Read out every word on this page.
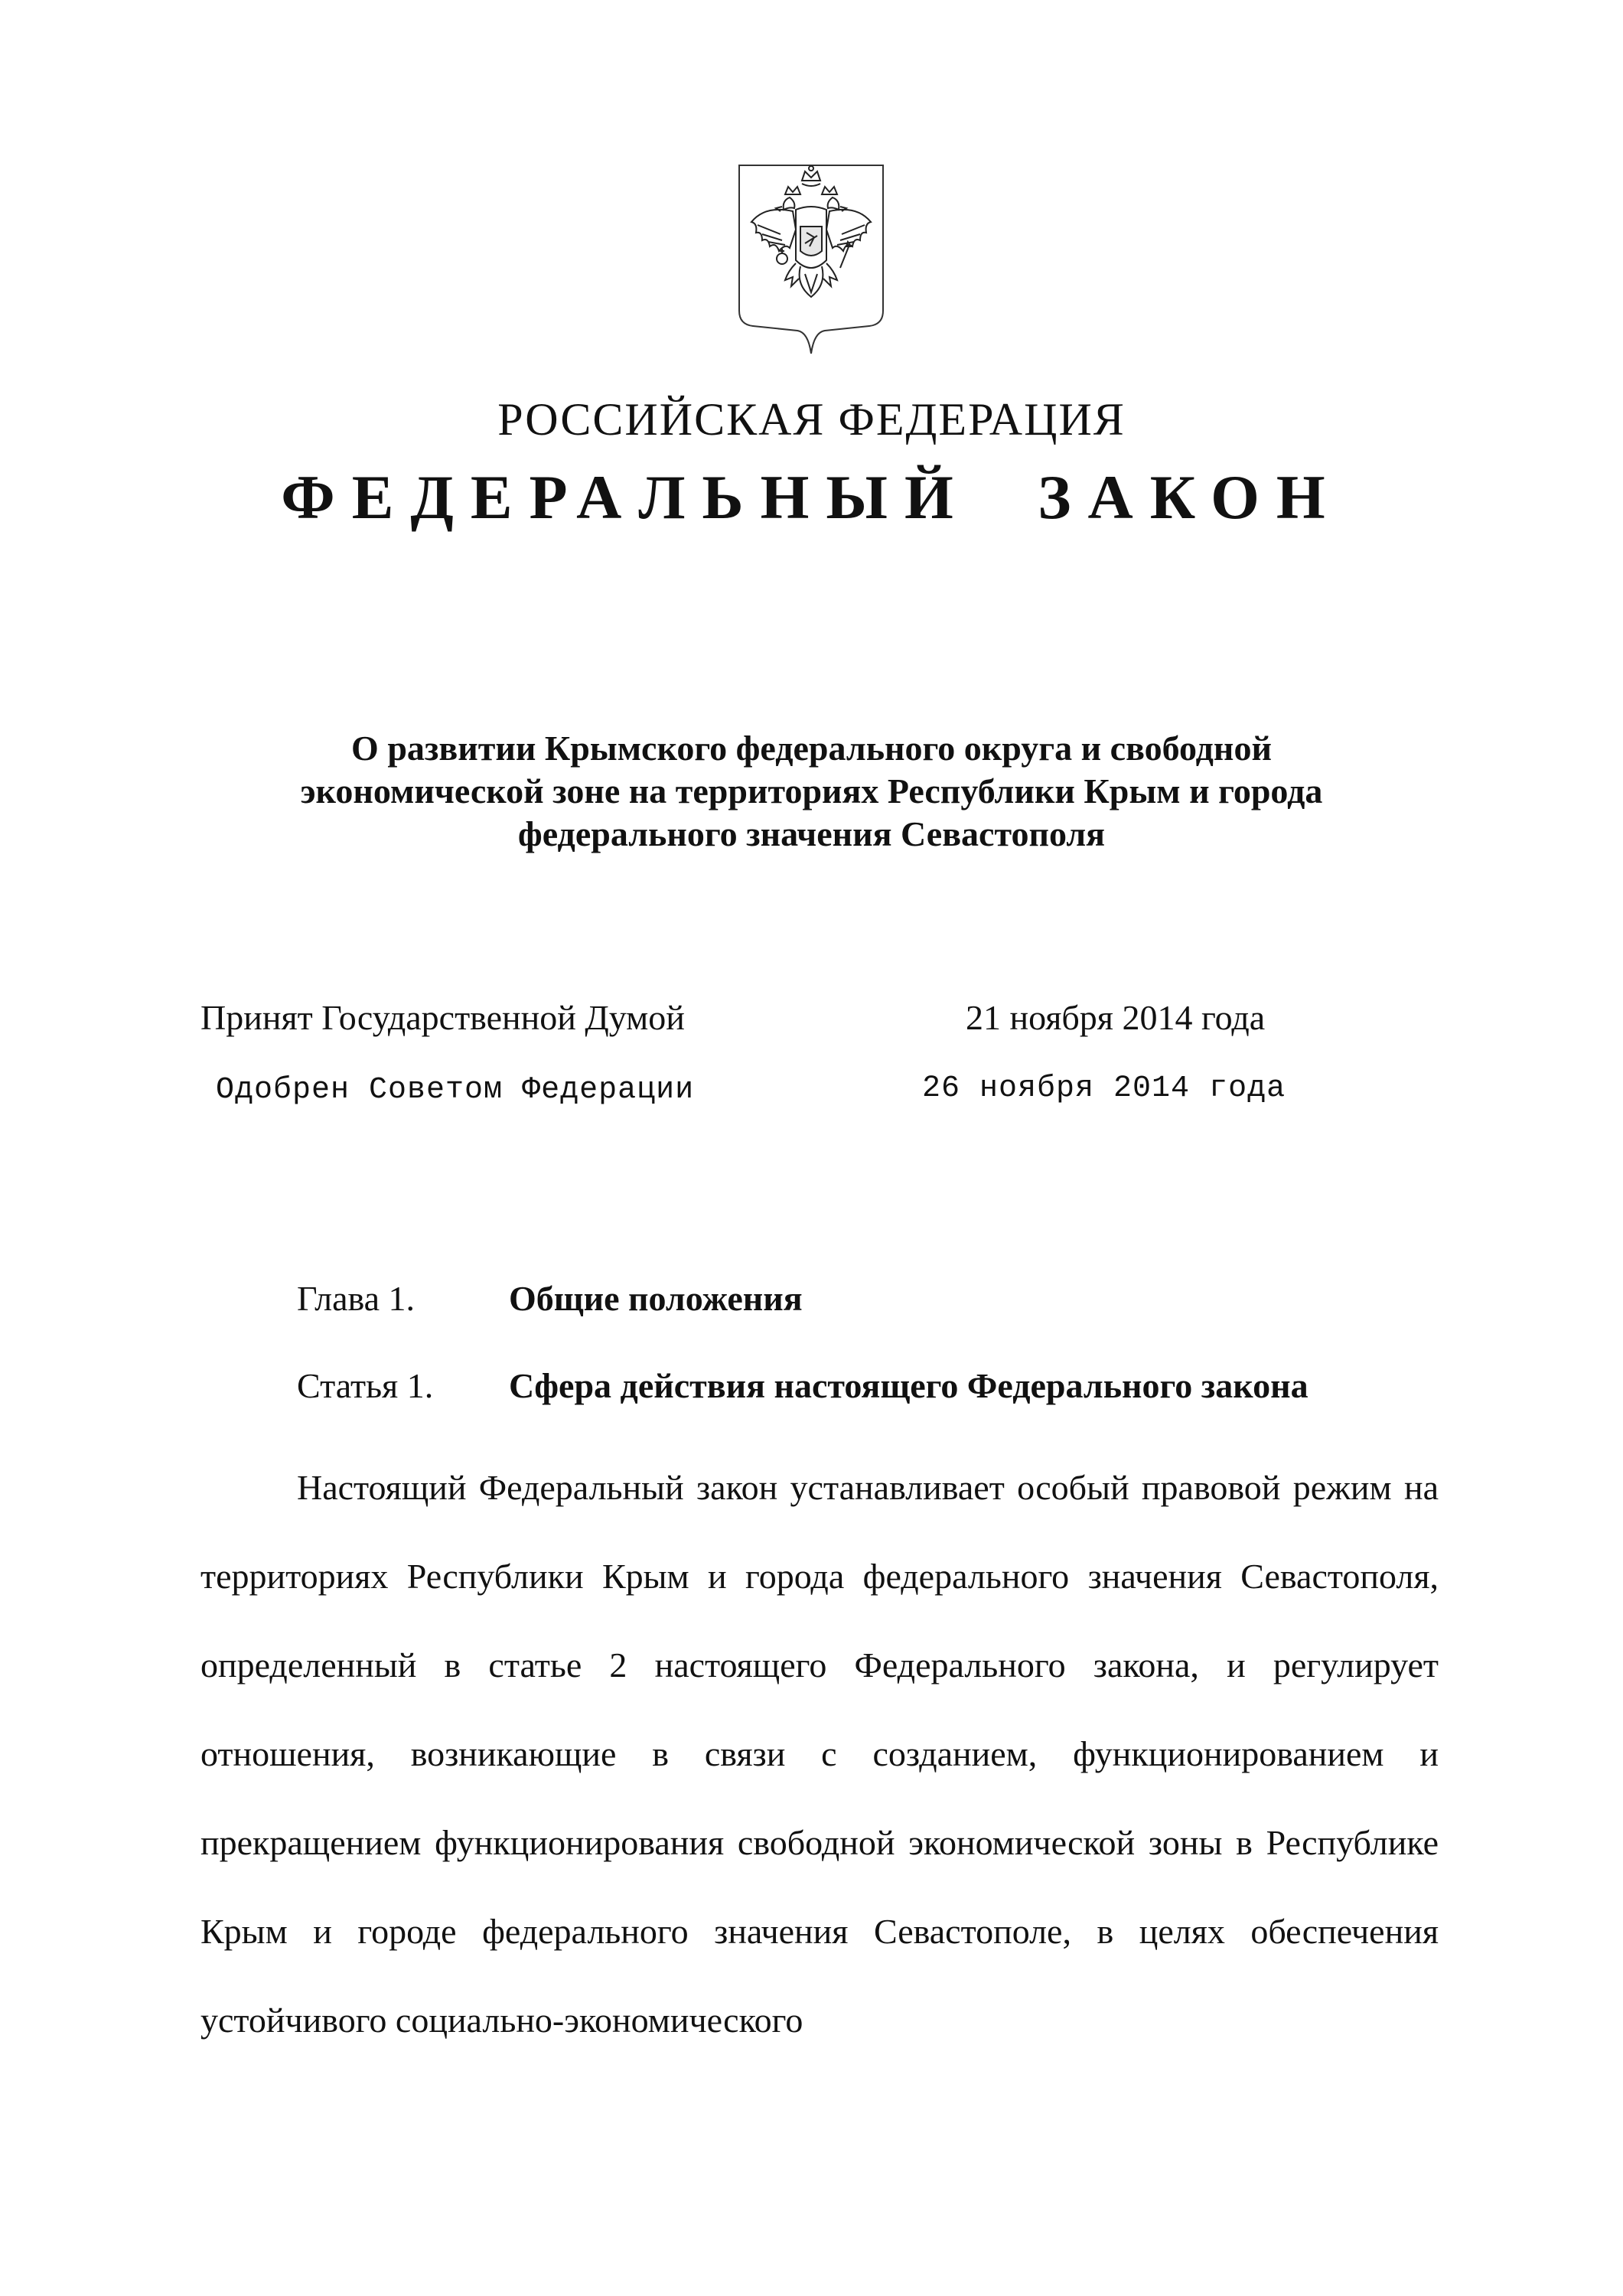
РОССИЙСКАЯ ФЕДЕРАЦИЯ
ФЕДЕРАЛЬНЫЙ ЗАКОН
О развитии Крымского федерального округа и свободной
экономической зоне на территориях Республики Крым и города
федерального значения Севастополя
Принят Государственной Думой	21 ноября 2014 года
Одобрен Советом Федерации	26 ноября 2014 года
Глава 1.	Общие положения
Статья 1. Сфера действия настоящего Федерального закона

Настоящий Федеральный закон устанавливает особый правовой режим на территориях Республики Крым и города федерального значения Севастополя, определенный в статье 2 настоящего Федерального закона, и регулирует отношения, возникающие в связи с созданием, функционированием и прекращением функционирования свободной экономической зоны в Республике Крым и городе федерального значения Севастополе, в целях обеспечения устойчивого социально-экономического
